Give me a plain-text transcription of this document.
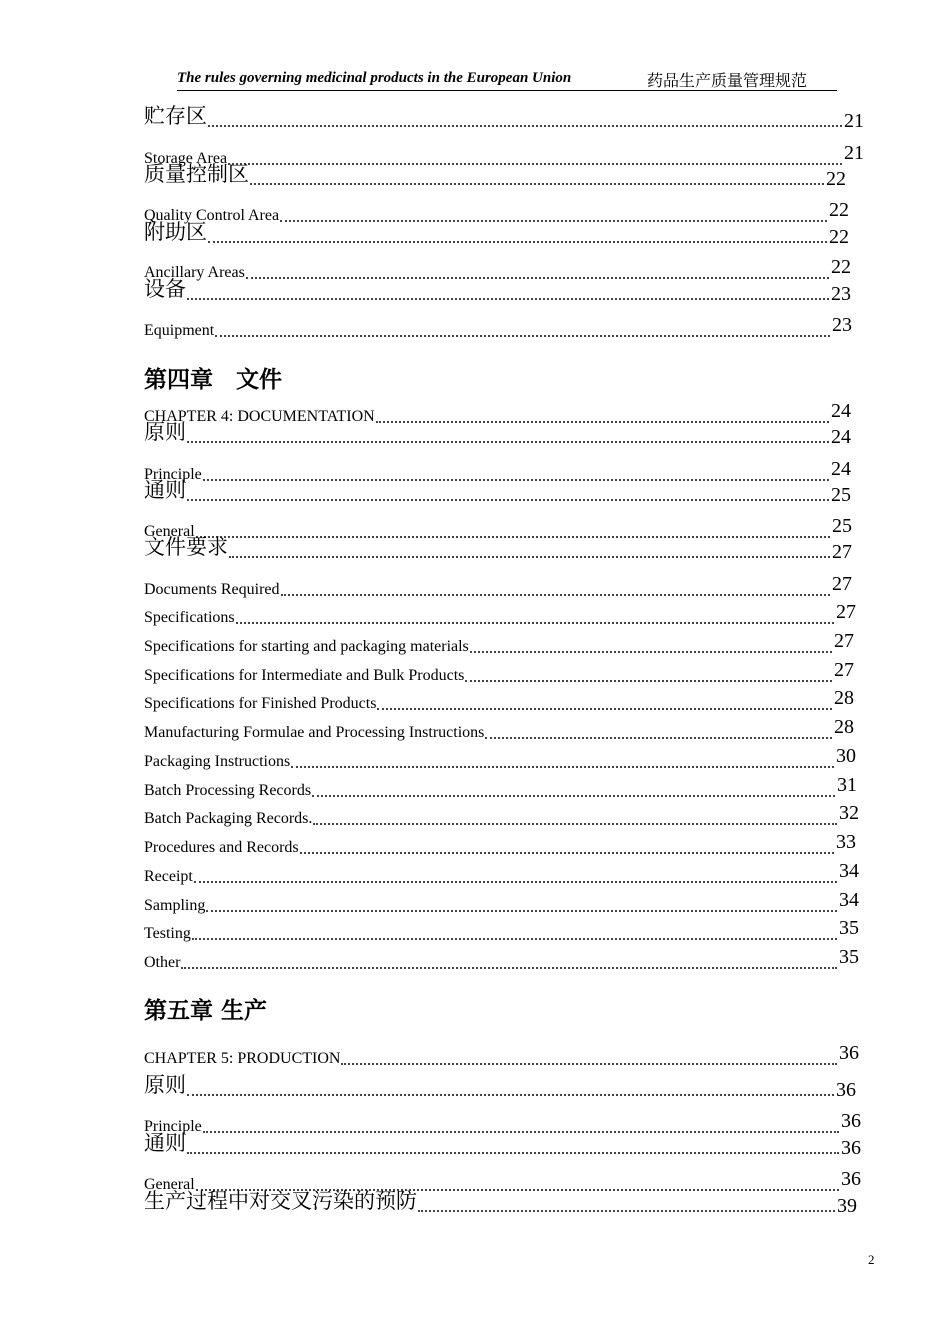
The rules governing medicinal products in the European Union	药品生产质量管理规范
贮存区	21
Storage Area	21
质量控制区	22
Quality Control Area	22
附助区	22
Ancillary Areas	22
设备	23
Equipment	23
第四章　文件
CHAPTER 4: DOCUMENTATION	24
原则	24
Principle	24
通则	25
General	25
文件要求	27
Documents Required	27
Specifications	27
Specifications for starting and packaging materials	27
Specifications for Intermediate and Bulk Products	27
Specifications for Finished Products	28
Manufacturing Formulae and Processing Instructions	28
Packaging Instructions	30
Batch Processing Records	31
Batch Packaging Records.	32
Procedures and Records	33
Receipt	34
Sampling	34
Testing	35
Other	35
第五章 生产
CHAPTER 5: PRODUCTION	36
原则	36
Principle	36
通则	36
General	36
生产过程中对交叉污染的预防	39
2
